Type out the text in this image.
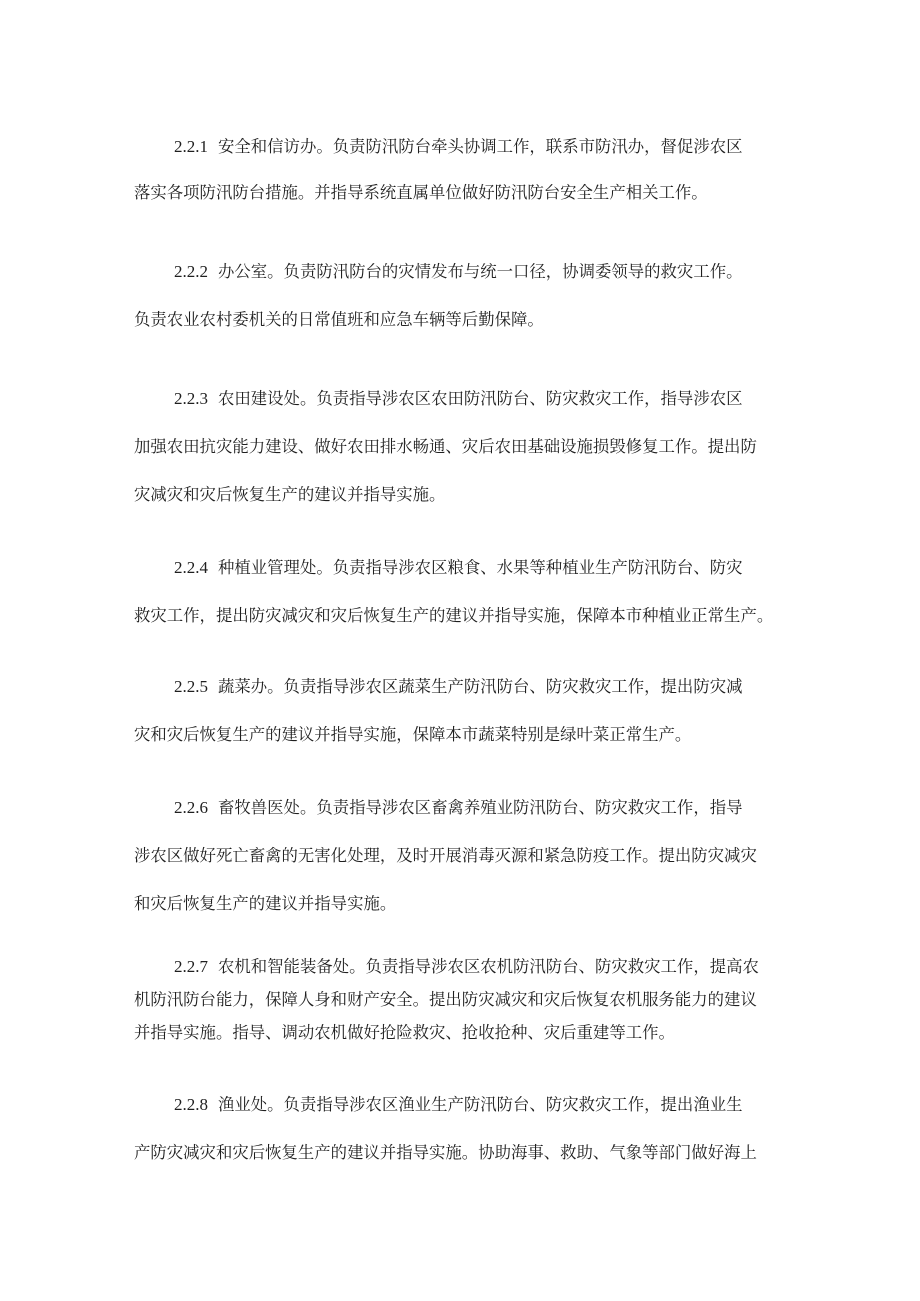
2.2.1 安全和信访办。负责防汛防台牵头协调工作，联系市防汛办，督促涉农区
落实各项防汛防台措施。并指导系统直属单位做好防汛防台安全生产相关工作。
2.2.2 办公室。负责防汛防台的灾情发布与统一口径，协调委领导的救灾工作。
负责农业农村委机关的日常值班和应急车辆等后勤保障。
2.2.3 农田建设处。负责指导涉农区农田防汛防台、防灾救灾工作，指导涉农区
加强农田抗灾能力建设、做好农田排水畅通、灾后农田基础设施损毁修复工作。提出防
灾减灾和灾后恢复生产的建议并指导实施。
2.2.4 种植业管理处。负责指导涉农区粮食、水果等种植业生产防汛防台、防灾
救灾工作，提出防灾减灾和灾后恢复生产的建议并指导实施，保障本市种植业正常生产。
2.2.5 蔬菜办。负责指导涉农区蔬菜生产防汛防台、防灾救灾工作，提出防灾减
灾和灾后恢复生产的建议并指导实施，保障本市蔬菜特别是绿叶菜正常生产。
2.2.6 畜牧兽医处。负责指导涉农区畜禽养殖业防汛防台、防灾救灾工作，指导
涉农区做好死亡畜禽的无害化处理，及时开展消毒灭源和紧急防疫工作。提出防灾减灾
和灾后恢复生产的建议并指导实施。
2.2.7 农机和智能装备处。负责指导涉农区农机防汛防台、防灾救灾工作，提高农
机防汛防台能力，保障人身和财产安全。提出防灾减灾和灾后恢复农机服务能力的建议
并指导实施。指导、调动农机做好抢险救灾、抢收抢种、灾后重建等工作。
2.2.8 渔业处。负责指导涉农区渔业生产防汛防台、防灾救灾工作，提出渔业生
产防灾减灾和灾后恢复生产的建议并指导实施。协助海事、救助、气象等部门做好海上
